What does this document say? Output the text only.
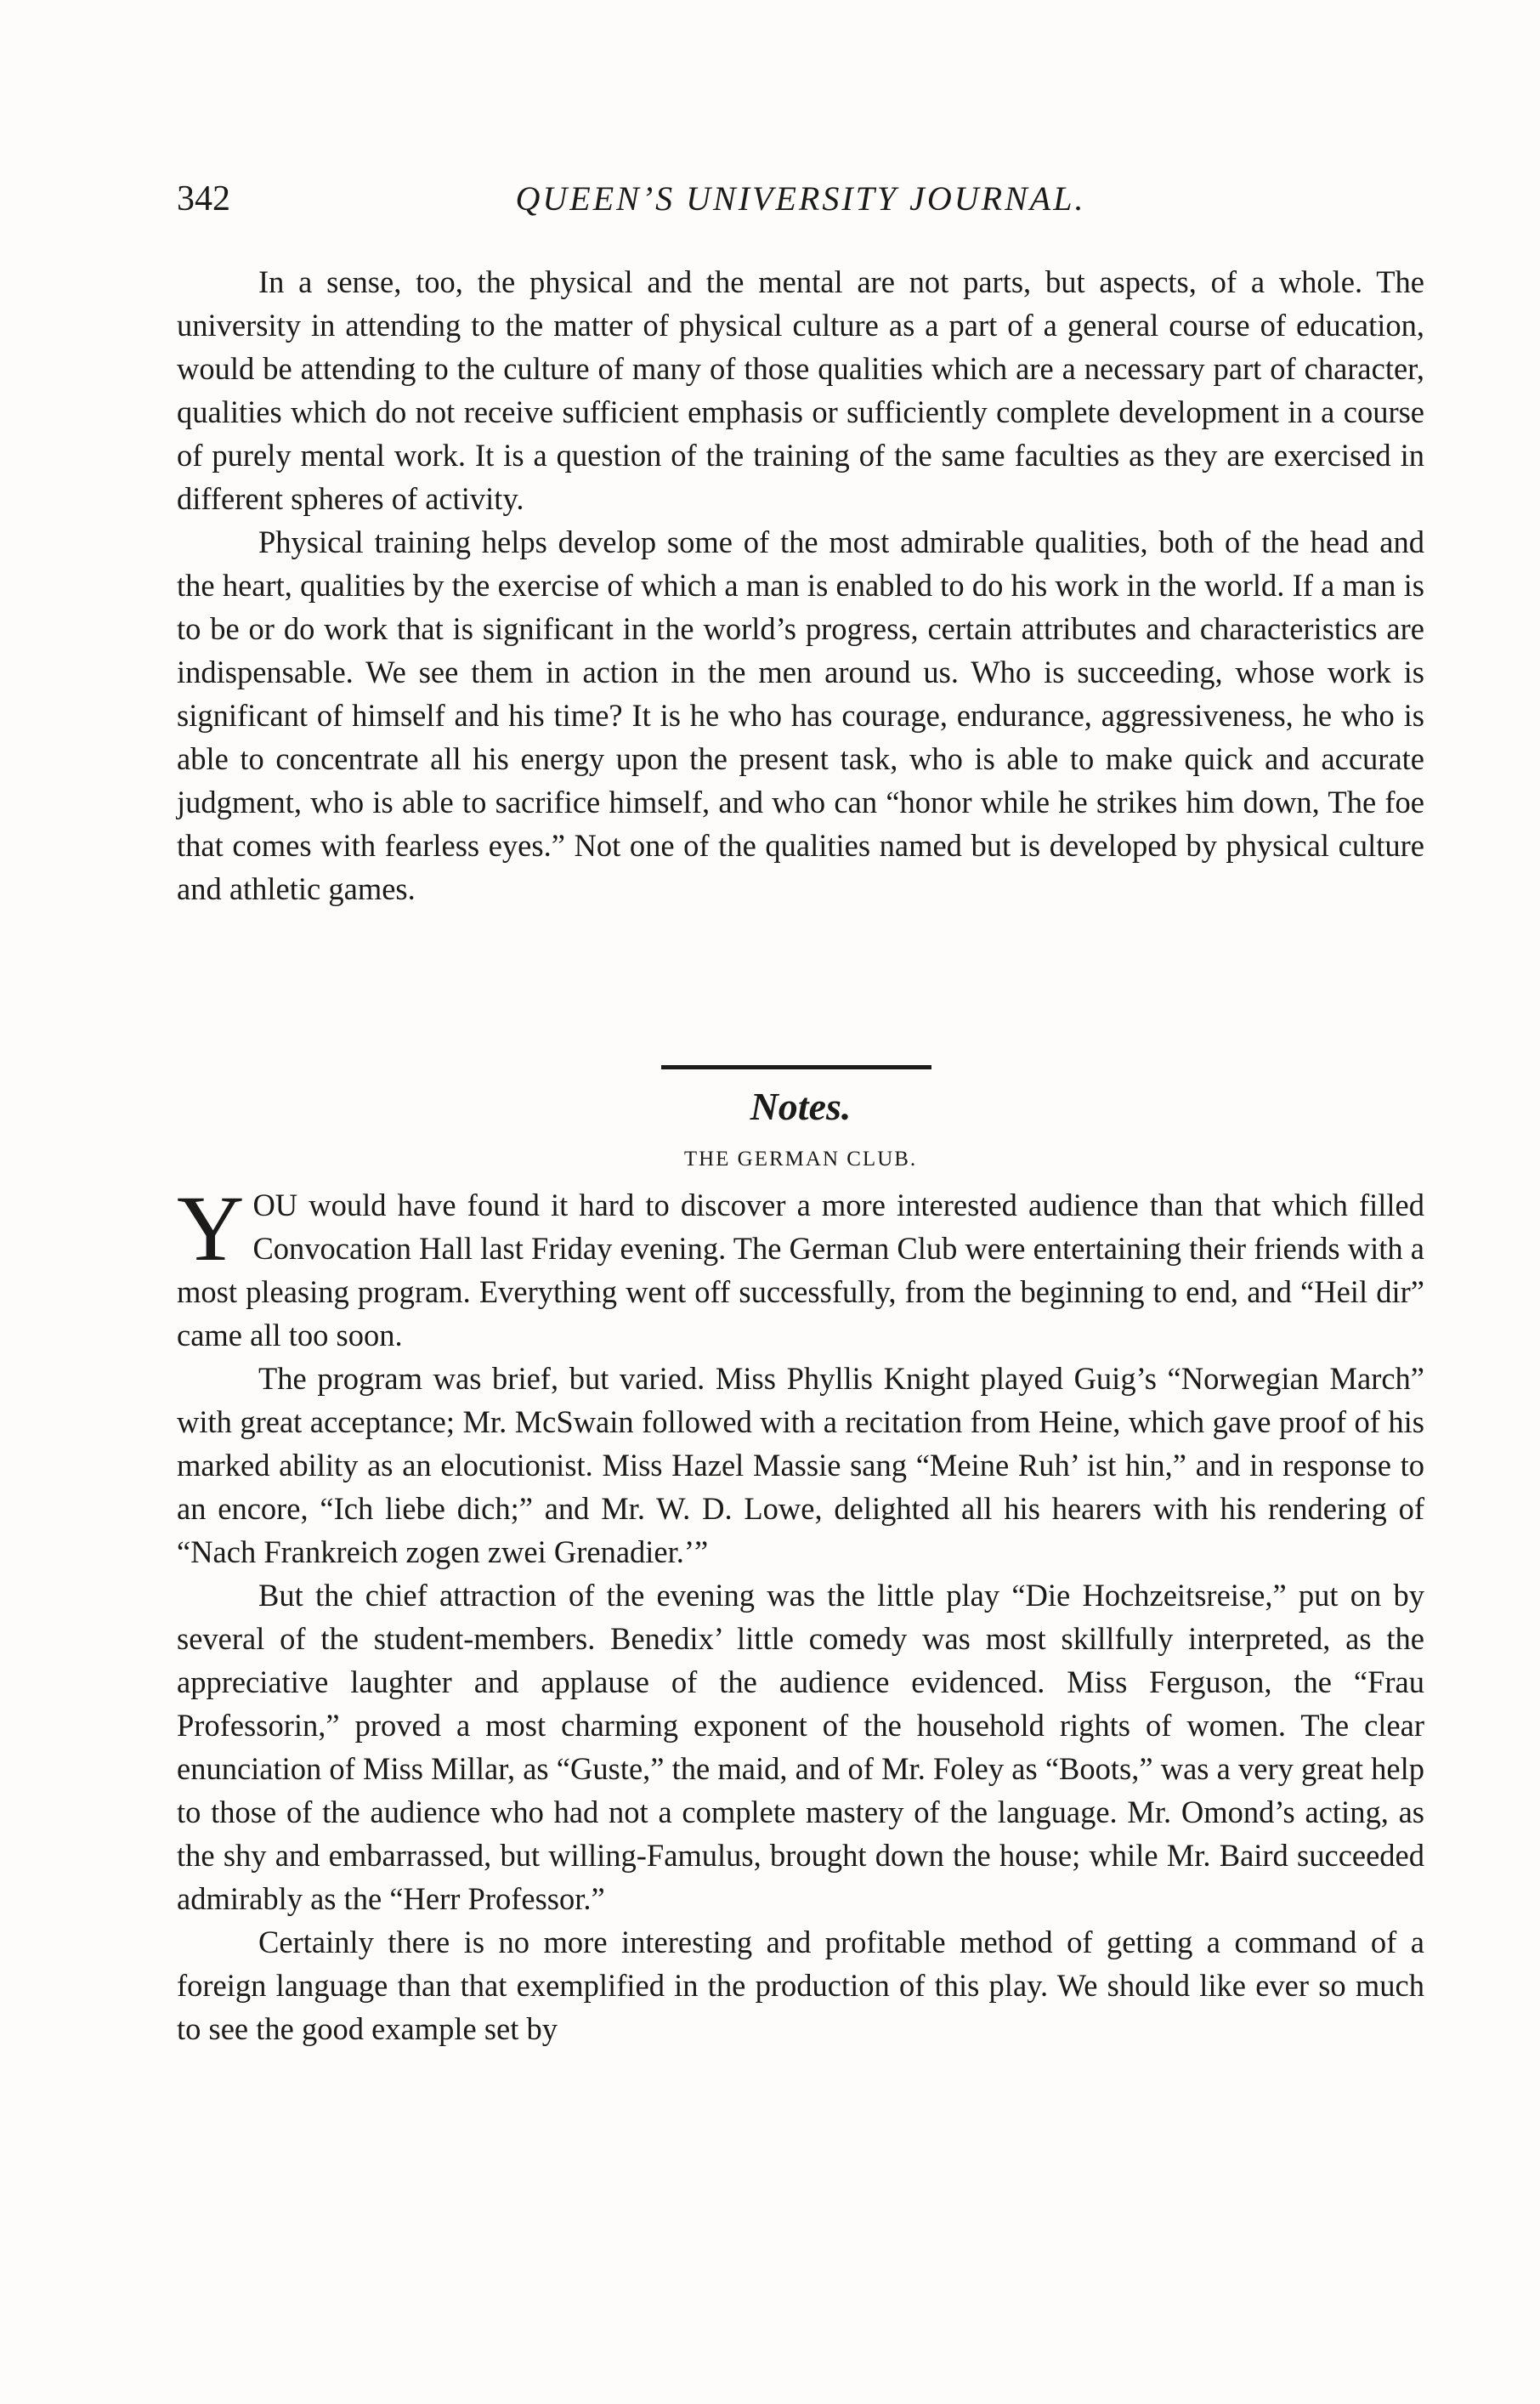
342	QUEEN’S UNIVERSITY JOURNAL.

In a sense, too, the physical and the mental are not parts, but aspects, of a whole. The university in attending to the matter of physical culture as a part of a general course of education, would be attending to the culture of many of those qualities which are a necessary part of character, qualities which do not receive sufficient emphasis or sufficiently complete development in a course of purely mental work. It is a question of the training of the same faculties as they are exercised in different spheres of activity.

Physical training helps develop some of the most admirable qualities, both of the head and the heart, qualities by the exercise of which a man is enabled to do his work in the world. If a man is to be or do work that is significant in the world’s progress, certain attributes and characteristics are indispensable. We see them in action in the men around us. Who is succeeding, whose work is significant of himself and his time? It is he who has courage, endurance, aggressiveness, he who is able to concentrate all his energy upon the present task, who is able to make quick and accurate judgment, who is able to sacrifice himself, and who can “honor while he strikes him down, The foe that comes with fearless eyes.” Not one of the qualities named but is developed by physical culture and athletic games.

Notes.
THE GERMAN CLUB.

YOU would have found it hard to discover a more interested audience than that which filled Convocation Hall last Friday evening. The German Club were entertaining their friends with a most pleasing program. Everything went off successfully, from the beginning to end, and “Heil dir” came all too soon.

The program was brief, but varied. Miss Phyllis Knight played Guig’s “Norwegian March” with great acceptance; Mr. McSwain followed with a recitation from Heine, which gave proof of his marked ability as an elocutionist. Miss Hazel Massie sang “Meine Ruh’ ist hin,” and in response to an encore, “Ich liebe dich;” and Mr. W. D. Lowe, delighted all his hearers with his rendering of “Nach Frankreich zogen zwei Grenadier.’”

But the chief attraction of the evening was the little play “Die Hochzeitsreise,” put on by several of the student-members. Benedix’ little comedy was most skillfully interpreted, as the appreciative laughter and applause of the audience evidenced. Miss Ferguson, the “Frau Professorin,” proved a most charming exponent of the household rights of women. The clear enunciation of Miss Millar, as “Guste,” the maid, and of Mr. Foley as “Boots,” was a very great help to those of the audience who had not a complete mastery of the language. Mr. Omond’s acting, as the shy and embarrassed, but willing-Famulus, brought down the house; while Mr. Baird succeeded admirably as the “Herr Professor.”

Certainly there is no more interesting and profitable method of getting a command of a foreign language than that exemplified in the production of this play. We should like ever so much to see the good example set by
